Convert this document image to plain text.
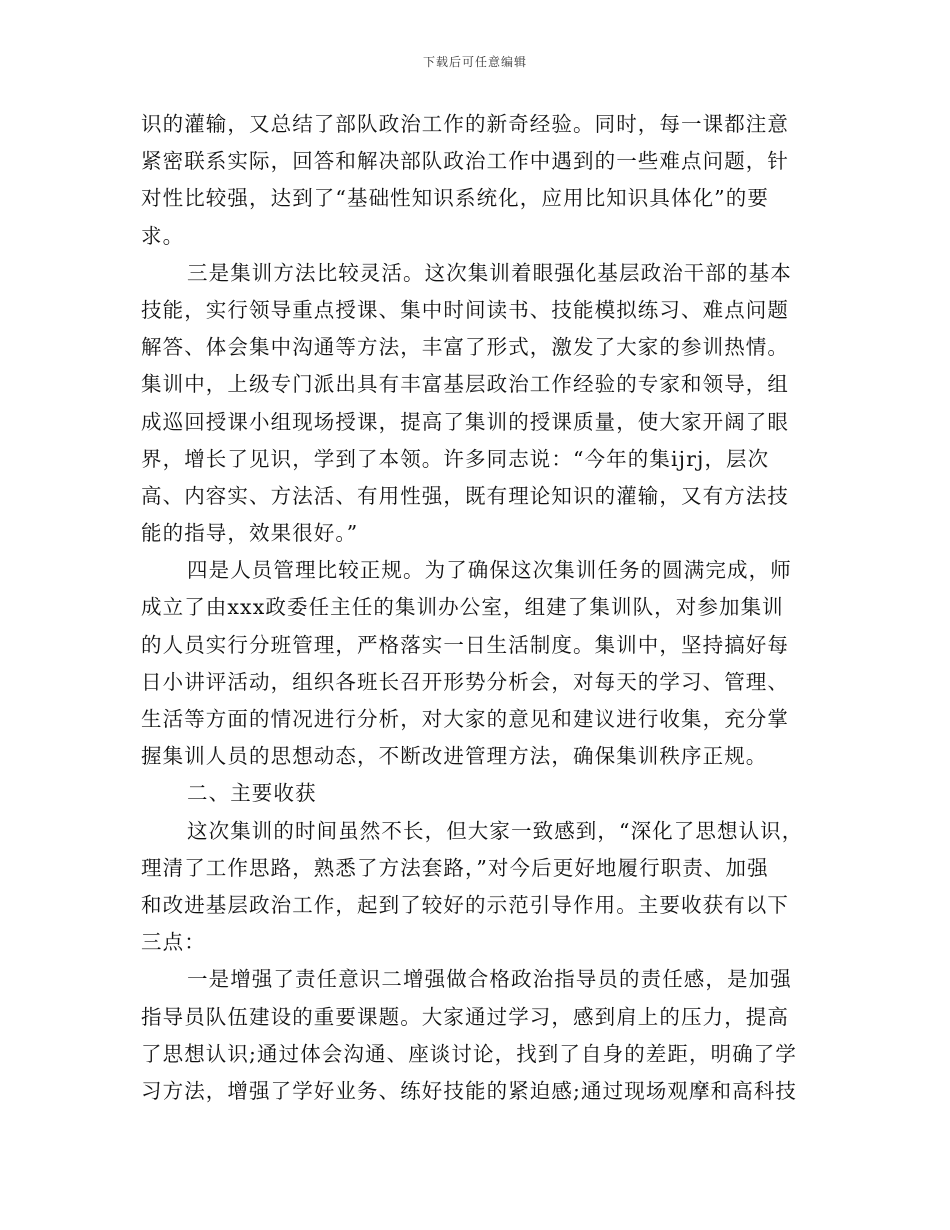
下载后可任意编辑
识的灌输，又总结了部队政治工作的新奇经验。同时，每一课都注意
紧密联系实际，回答和解决部队政治工作中遇到的一些难点问题，针
对性比较强，达到了“基础性知识系统化，应用比知识具体化”的要
求。
三是集训方法比较灵活。这次集训着眼强化基层政治干部的基本
技能，实行领导重点授课、集中时间读书、技能模拟练习、难点问题
解答、体会集中沟通等方法，丰富了形式，激发了大家的参训热情。
集训中，上级专门派出具有丰富基层政治工作经验的专家和领导，组
成巡回授课小组现场授课，提高了集训的授课质量，使大家开阔了眼
界，增长了见识，学到了本领。许多同志说：“今年的集ijrj，层次
高、内容实、方法活、有用性强，既有理论知识的灌输，又有方法技
能的指导，效果很好。”
四是人员管理比较正规。为了确保这次集训任务的圆满完成，师
成立了由xxx政委任主任的集训办公室，组建了集训队，对参加集训
的人员实行分班管理，严格落实一日生活制度。集训中，坚持搞好每
日小讲评活动，组织各班长召开形势分析会，对每天的学习、管理、
生活等方面的情况进行分析，对大家的意见和建议进行收集，充分掌
握集训人员的思想动态，不断改进管理方法，确保集训秩序正规。
二、主要收获
这次集训的时间虽然不长，但大家一致感到，“深化了思想认识，
理清了工作思路，熟悉了方法套路，”对今后更好地履行职责、加强
和改进基层政治工作，起到了较好的示范引导作用。主要收获有以下
三点：
一是增强了责任意识二增强做合格政治指导员的责任感，是加强
指导员队伍建设的重要课题。大家通过学习，感到肩上的压力，提高
了思想认识;通过体会沟通、座谈讨论，找到了自身的差距，明确了学
习方法，增强了学好业务、练好技能的紧迫感;通过现场观摩和高科技
